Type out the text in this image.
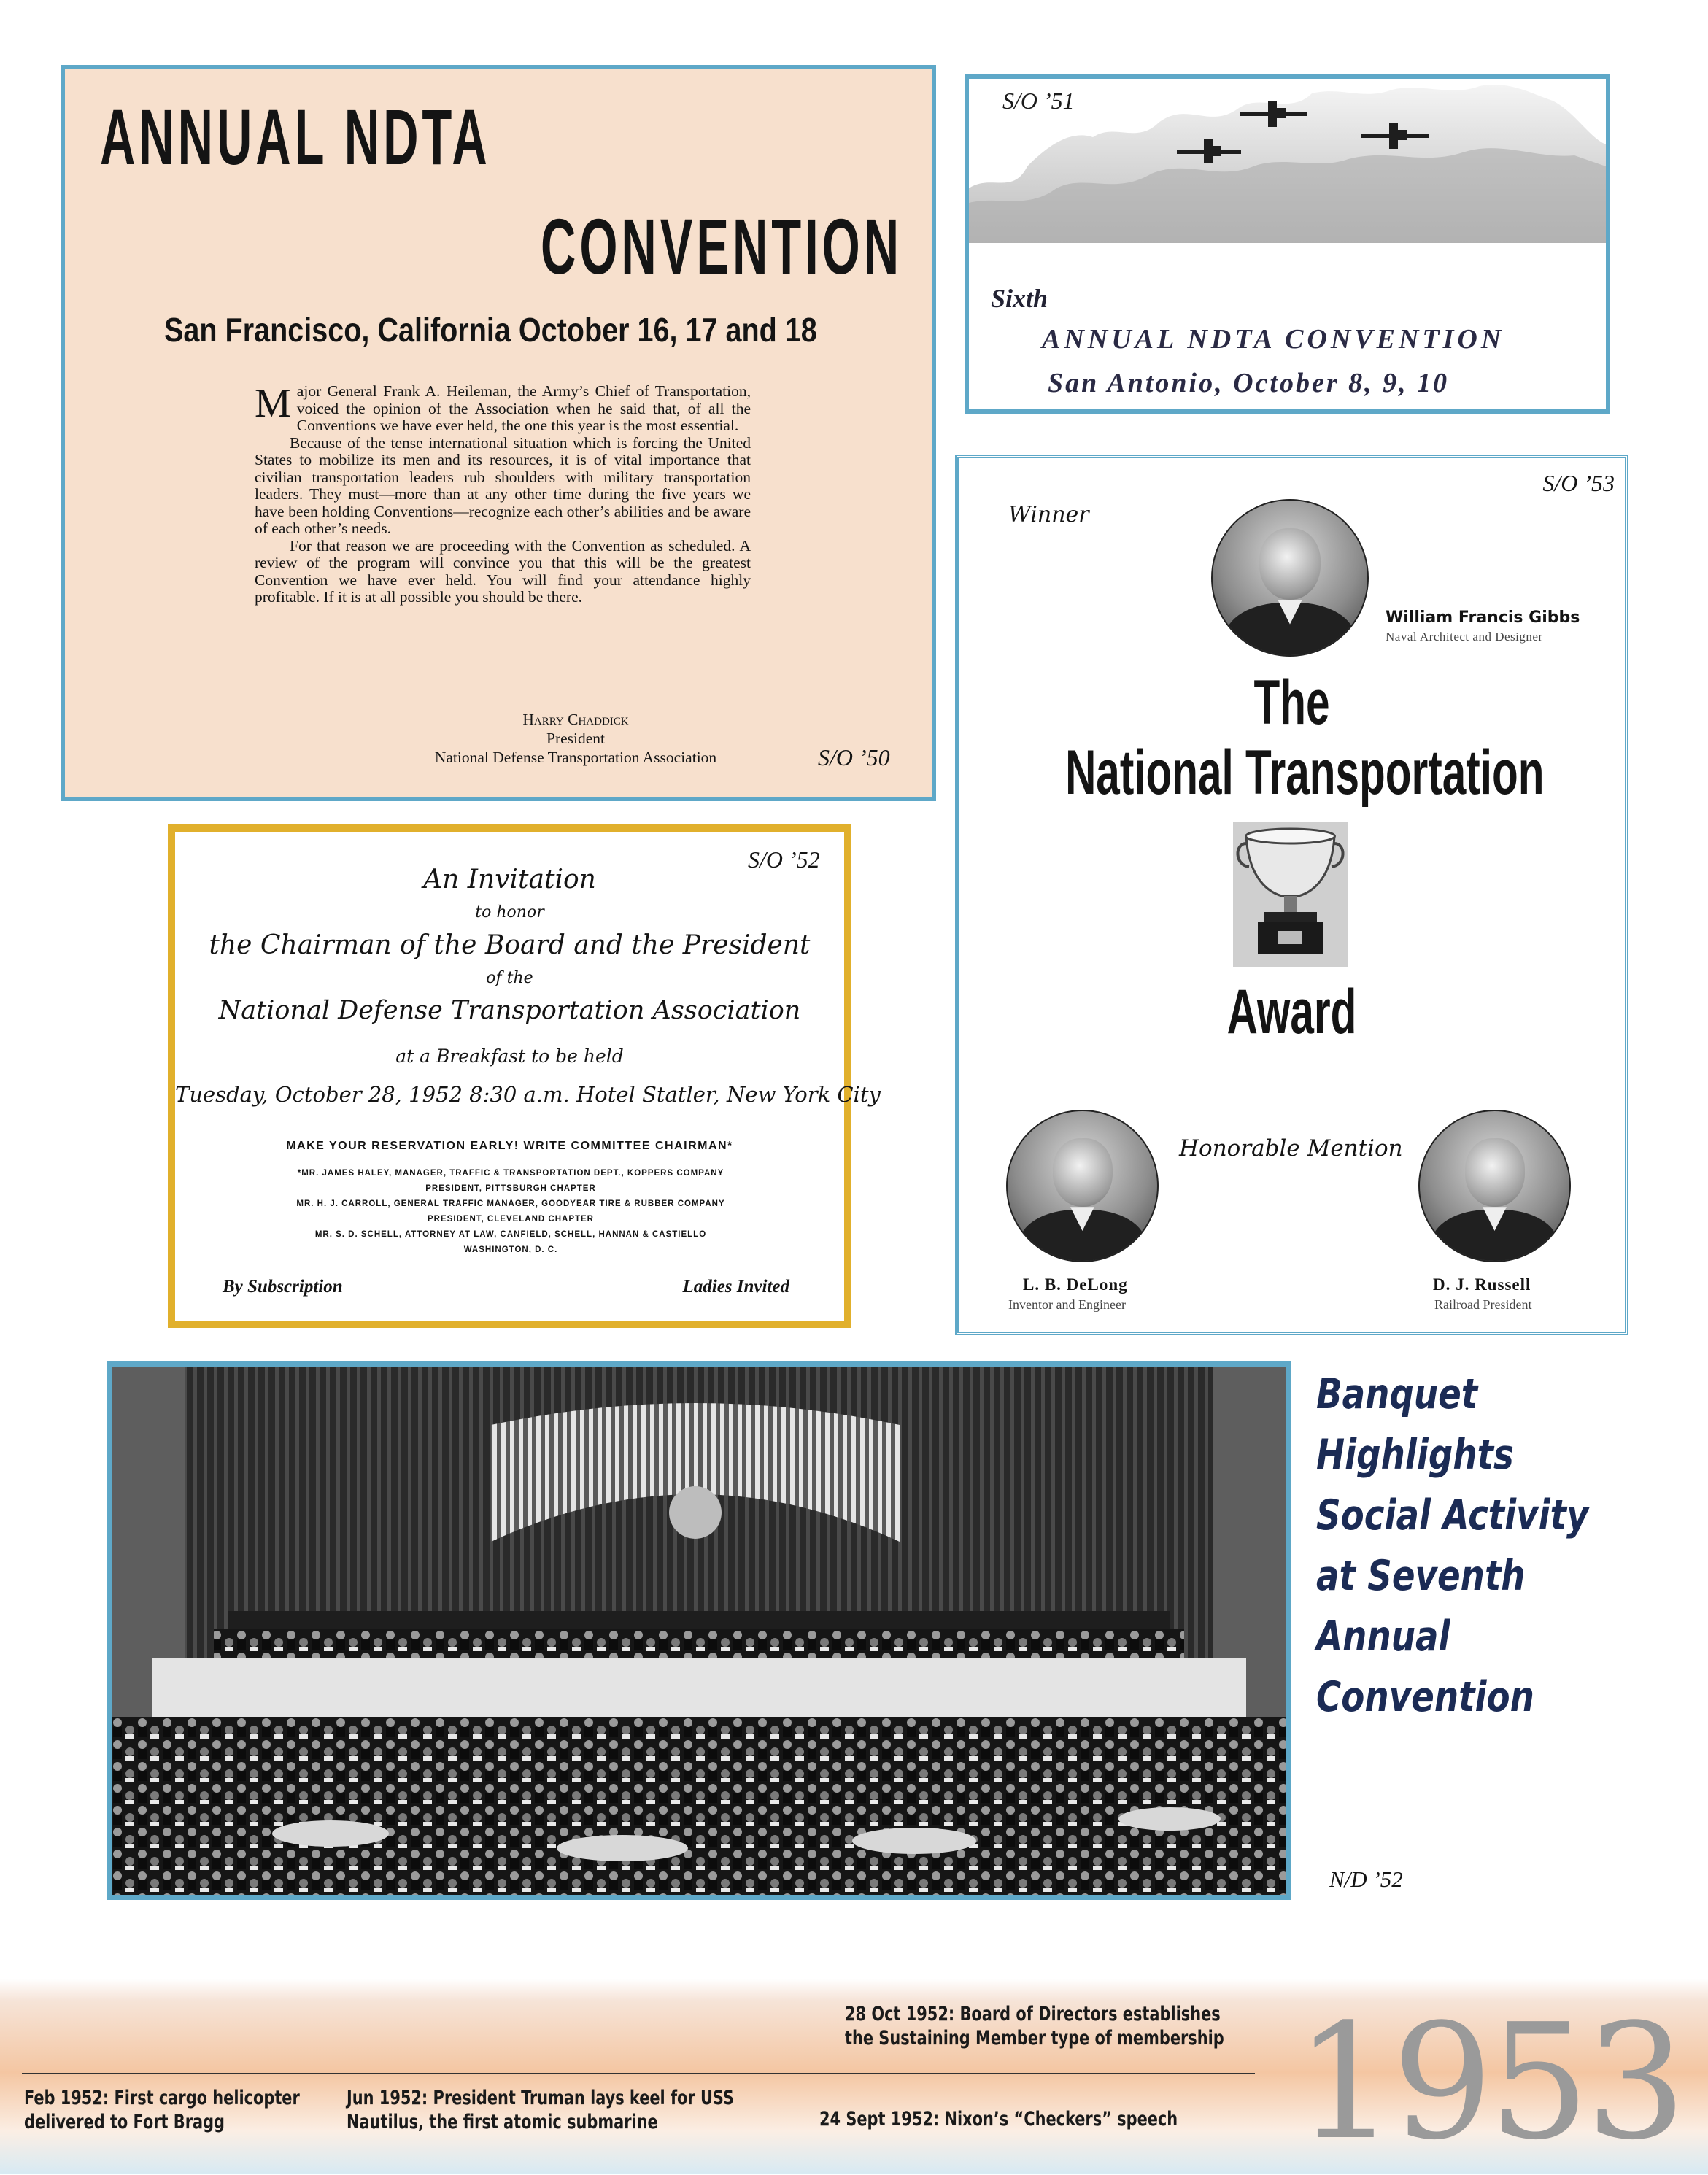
ANNUAL NDTA
CONVENTION
San Francisco, California October 16, 17 and 18

Major General Frank A. Heileman, the Army’s Chief of Transportation, voiced the opinion of the Association when he said that, of all the Conventions we have ever held, the one this year is the most essential.

Because of the tense international situation which is forcing the United States to mobilize its men and its resources, it is of vital importance that civilian transportation leaders rub shoulders with military transportation leaders. They must—more than at any other time during the five years we have been holding Conventions—recognize each other’s abilities and be aware of each other’s needs.

For that reason we are proceeding with the Convention as scheduled. A review of the program will convince you that this will be the greatest Convention we have ever held. You will find your attendance highly profitable. If it is at all possible you should be there.

Harry Chaddick
President
National Defense Transportation Association	S/O ’50
S/O ’51
Sixth
ANNUAL NDTA CONVENTION
San Antonio, October 8, 9, 10
S/O ’52
An Invitation
to honor
the Chairman of the Board and the President
of the
National Defense Transportation Association
at a Breakfast to be held
Tuesday, October 28, 1952 8:30 a.m. Hotel Statler, New York City
MAKE YOUR RESERVATION EARLY! WRITE COMMITTEE CHAIRMAN*
*MR. JAMES HALEY, MANAGER, TRAFFIC & TRANSPORTATION DEPT., KOPPERS COMPANY
PRESIDENT, PITTSBURGH CHAPTER
MR. H. J. CARROLL, GENERAL TRAFFIC MANAGER, GOODYEAR TIRE & RUBBER COMPANY
PRESIDENT, CLEVELAND CHAPTER
MR. S. D. SCHELL, ATTORNEY AT LAW, CANFIELD, SCHELL, HANNAN & CASTIELLO
WASHINGTON, D. C.
By Subscription	Ladies Invited
S/O ’53
Winner
William Francis Gibbs
Naval Architect and Designer
The
National Transportation
Award
Honorable Mention
L. B. DeLong
Inventor and Engineer
D. J. Russell
Railroad President
Banquet
Highlights
Social Activity
at Seventh
Annual
Convention
N/D ’52
28 Oct 1952: Board of Directors establishes
the Sustaining Member type of membership
Feb 1952: First cargo helicopter
delivered to Fort Bragg
Jun 1952: President Truman lays keel for USS
Nautilus, the first atomic submarine	24 Sept 1952: Nixon’s “Checkers” speech 1953
